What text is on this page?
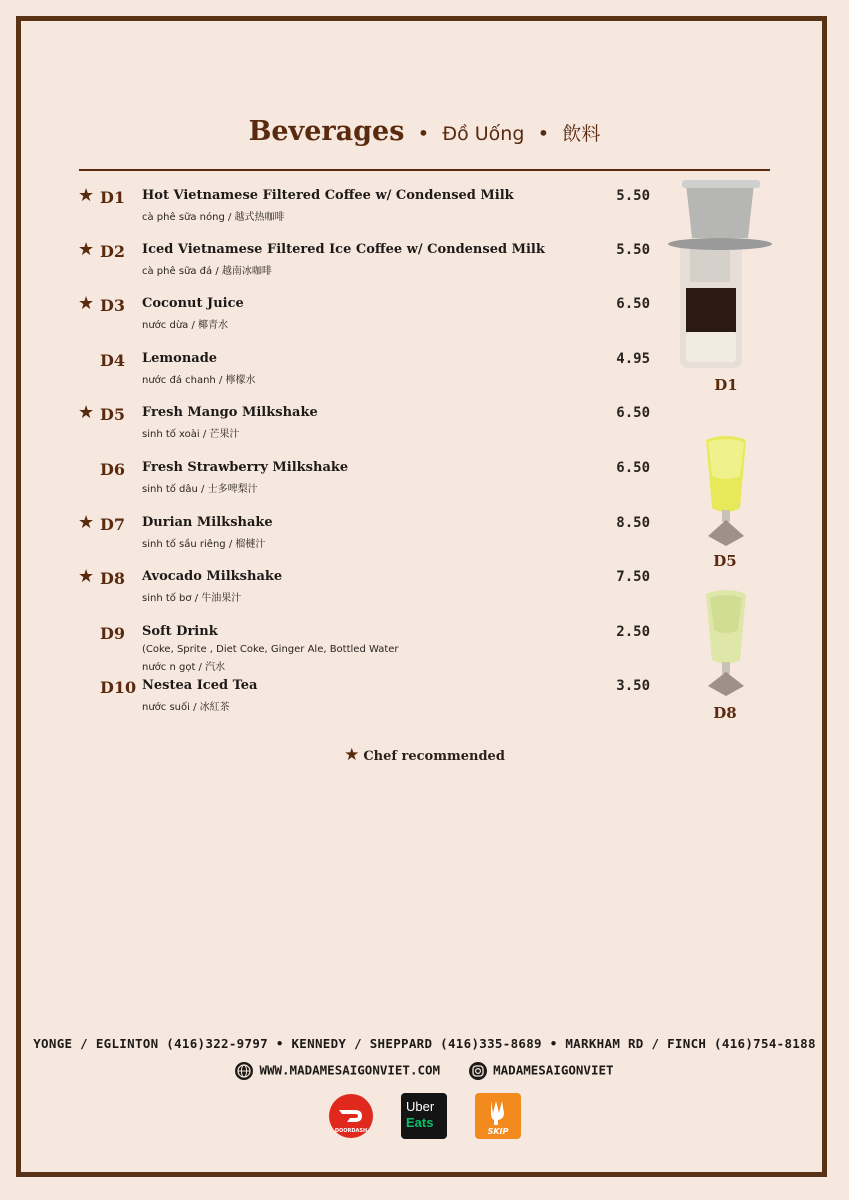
Beverages • Đồ Uống • 飲料
★ D1	Hot Vietnamese Filtered Coffee w/ Condensed Milk
cà phê sữa nóng / 越式热咖啡
5.50
★ D2	Iced Vietnamese Filtered Ice Coffee w/ Condensed Milk
cà phê sữa đá / 越南冰咖啡
5.50
★ D3	Coconut Juice
nước dừa / 椰青水
6.50
D4	Lemonade
nước đá chanh / 檸檬水
4.95
★ D5	Fresh Mango Milkshake
sinh tố xoài / 芒果汁
6.50
D6	Fresh Strawberry Milkshake
sinh tố dâu / 士多啤梨汁
6.50
★ D7	Durian Milkshake
sinh tố sầu riêng / 榴槤汁
8.50
★ D8	Avocado Milkshake
sinh tố bơ / 牛油果汁
7.50
D9	Soft Drink
(Coke, Sprite , Diet Coke, Ginger Ale, Bottled Water
nước n gọt / 汽水
2.50
D10 Nestea Iced Tea
nước suối / 冰紅茶
3.50
D1
D5
D8
★ Chef recommended
YONGE / EGLINTON (416)322-9797 • KENNEDY / SHEPPARD (416)335-8689 • MARKHAM RD / FINCH (416)754-8188
WWW.MADAMESAIGONVIET.COM	MADAMESAIGONVIET
DOORDASH
Uber
Eats
SKIP
